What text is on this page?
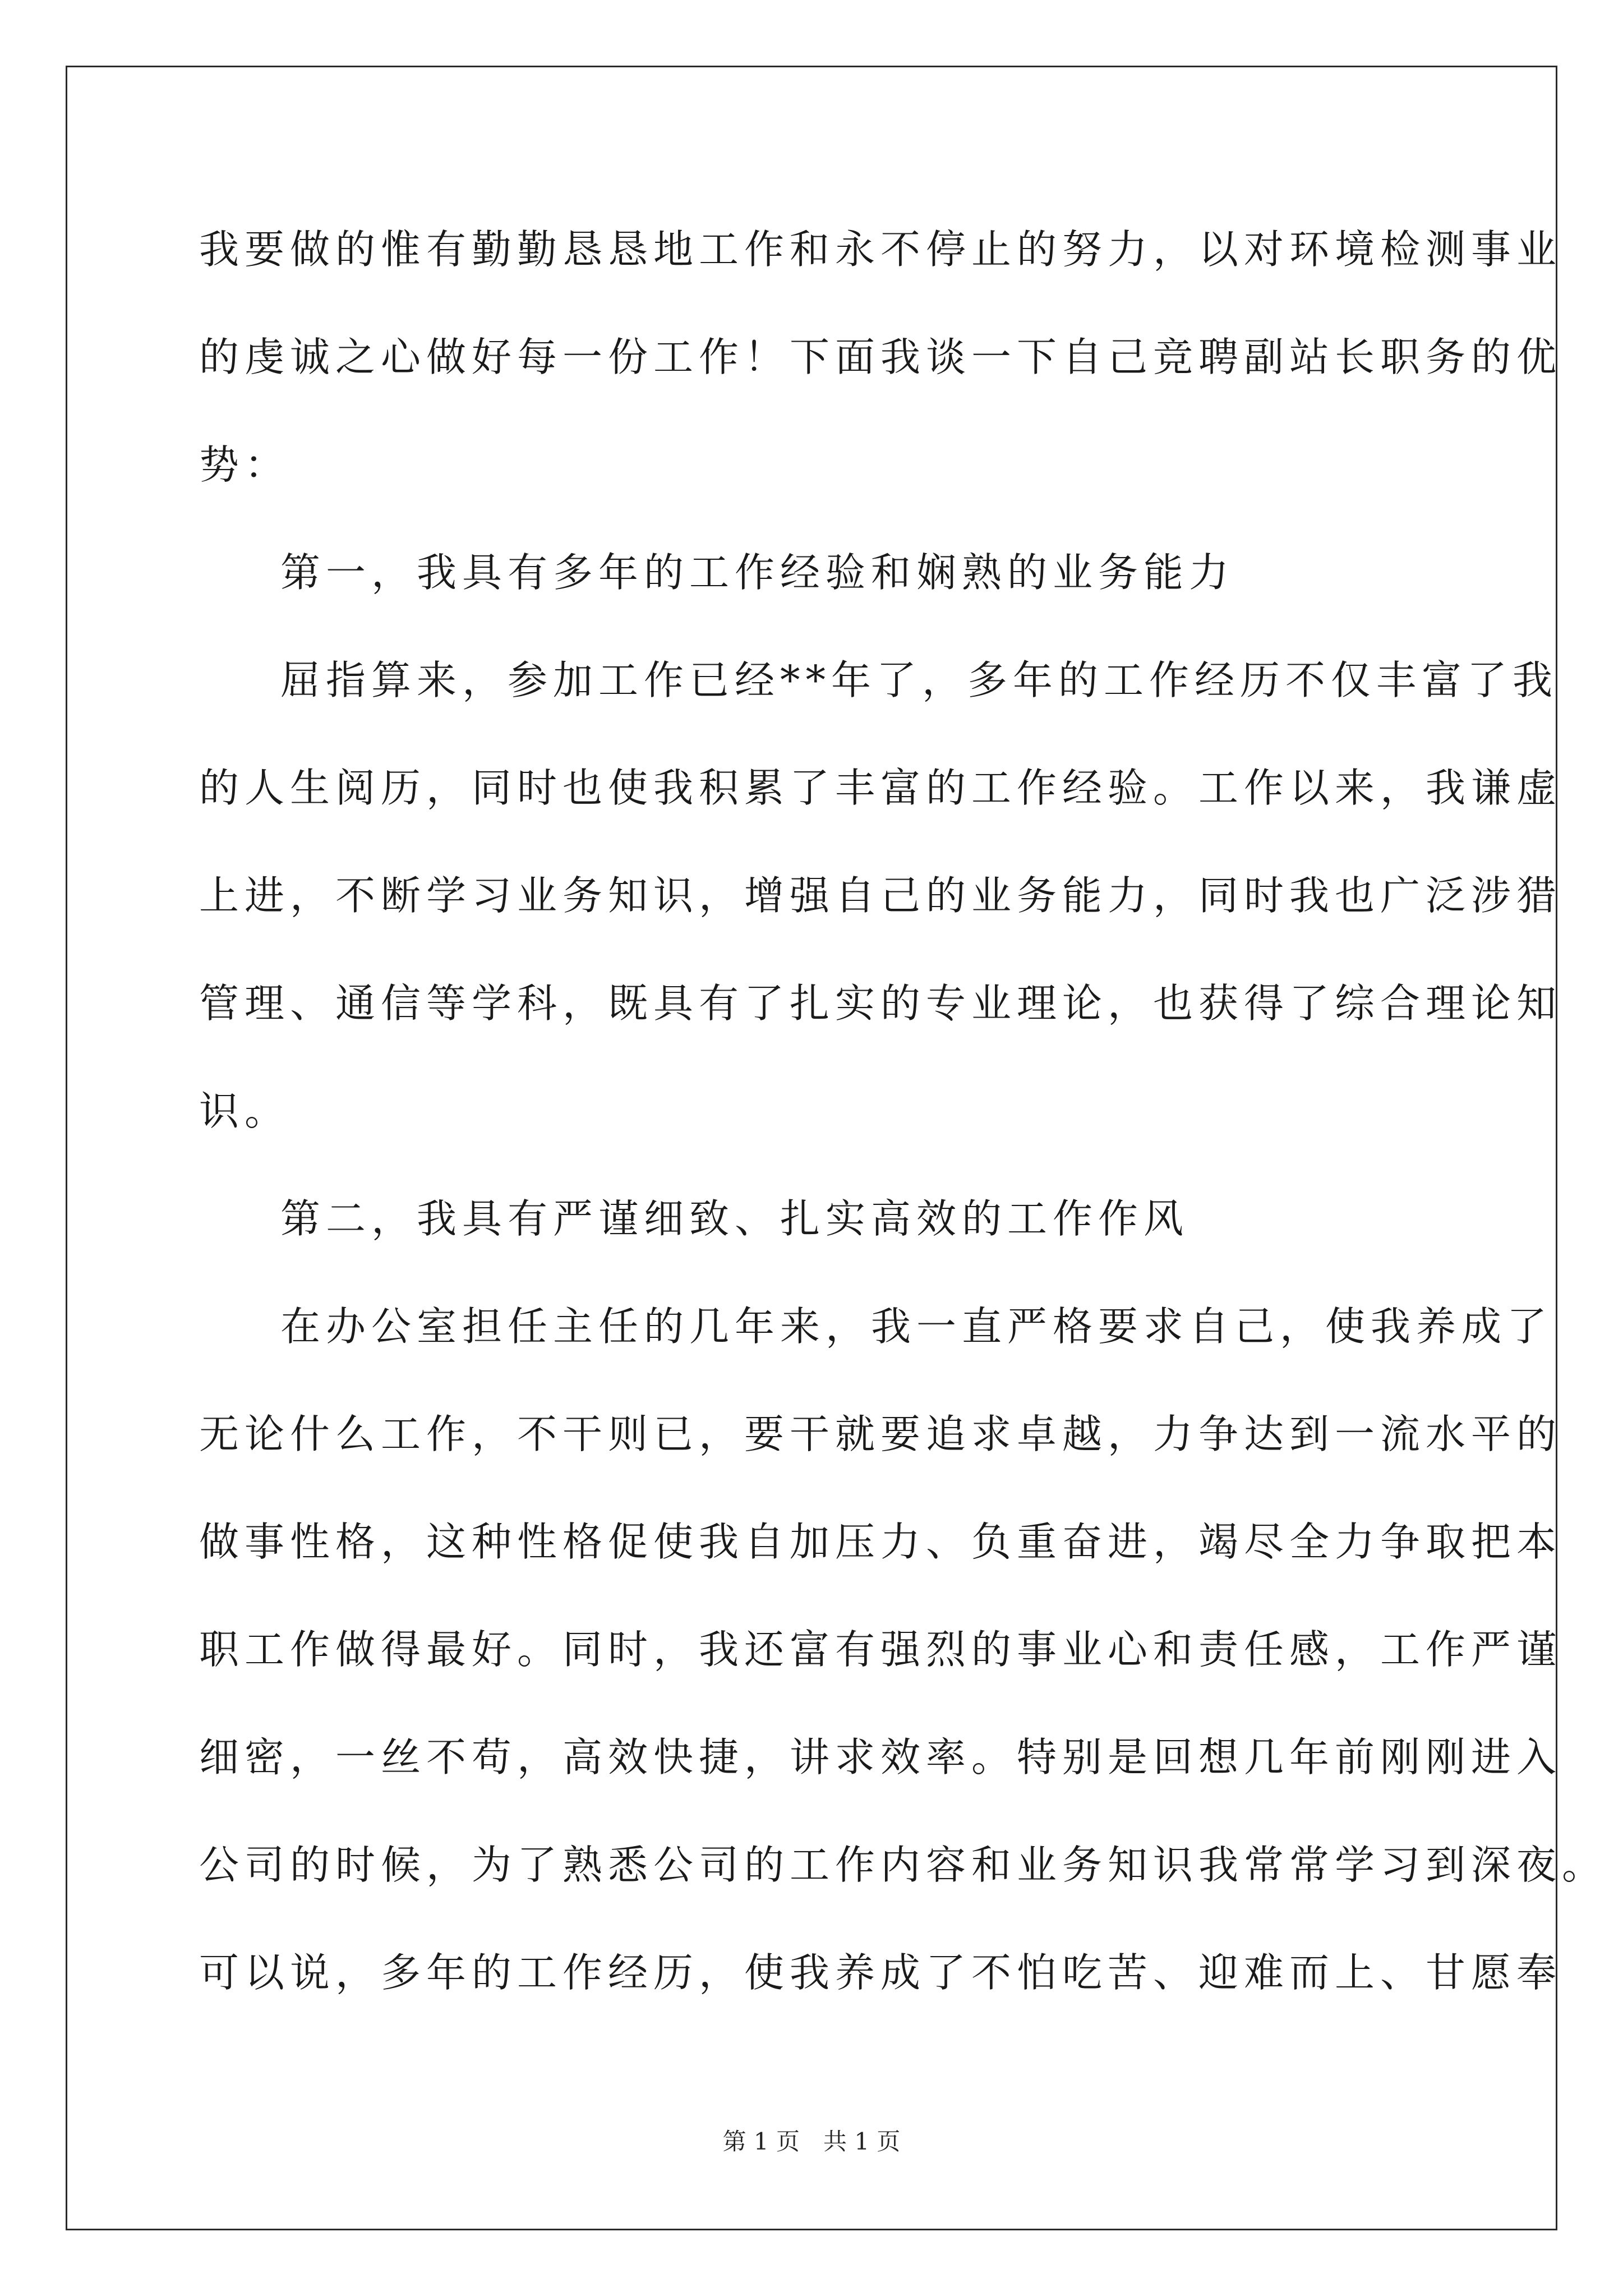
我要做的惟有勤勤恳恳地工作和永不停止的努力，以对环境检测事业
的虔诚之心做好每一份工作！下面我谈一下自己竞聘副站长职务的优
势：
第一，我具有多年的工作经验和娴熟的业务能力
屈指算来，参加工作已经**年了，多年的工作经历不仅丰富了我
的人生阅历，同时也使我积累了丰富的工作经验。工作以来，我谦虚
上进，不断学习业务知识，增强自己的业务能力，同时我也广泛涉猎
管理、通信等学科，既具有了扎实的专业理论，也获得了综合理论知
识。
第二，我具有严谨细致、扎实高效的工作作风
在办公室担任主任的几年来，我一直严格要求自己，使我养成了
无论什么工作，不干则已，要干就要追求卓越，力争达到一流水平的
做事性格，这种性格促使我自加压力、负重奋进，竭尽全力争取把本
职工作做得最好。同时，我还富有强烈的事业心和责任感，工作严谨
细密，一丝不苟，高效快捷，讲求效率。特别是回想几年前刚刚进入
公司的时候，为了熟悉公司的工作内容和业务知识我常常学习到深夜。
可以说，多年的工作经历，使我养成了不怕吃苦、迎难而上、甘愿奉
第 1 页　共 1 页
